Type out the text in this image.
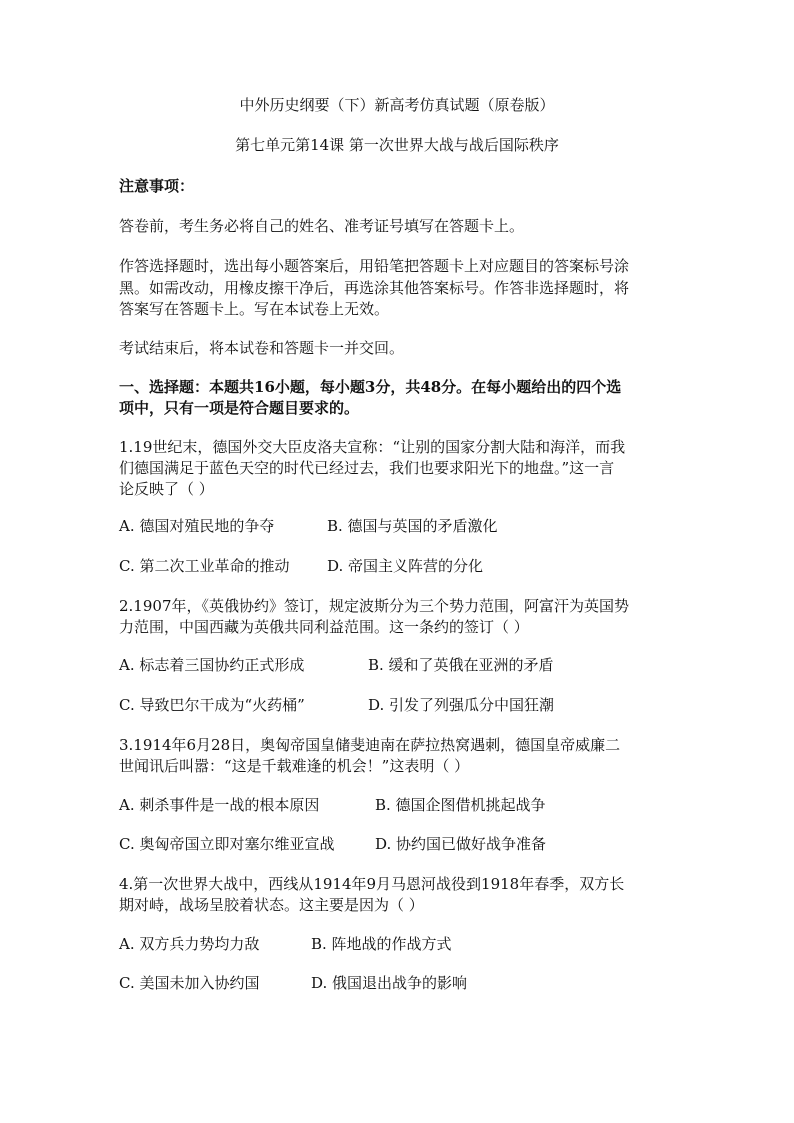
中外历史纲要（下）新高考仿真试题（原卷版）
第七单元第14课 第一次世界大战与战后国际秩序
注意事项：
答卷前，考生务必将自己的姓名、准考证号填写在答题卡上。
作答选择题时，选出每小题答案后，用铅笔把答题卡上对应题目的答案标号涂
黑。如需改动，用橡皮擦干净后，再选涂其他答案标号。作答非选择题时，将
答案写在答题卡上。写在本试卷上无效。
考试结束后，将本试卷和答题卡一并交回。
一、选择题：本题共16小题，每小题3分，共48分。在每小题给出的四个选
项中，只有一项是符合题目要求的。
1.19世纪末，德国外交大臣皮洛夫宣称：“让别的国家分割大陆和海洋，而我
们德国满足于蓝色天空的时代已经过去，我们也要求阳光下的地盘。”这一言
论反映了（ ）
A. 德国对殖民地的争夺	B. 德国与英国的矛盾激化
C. 第二次工业革命的推动	D. 帝国主义阵营的分化
2.1907年，《英俄协约》签订，规定波斯分为三个势力范围，阿富汗为英国势
力范围，中国西藏为英俄共同利益范围。这一条约的签订（ ）
A. 标志着三国协约正式形成	B. 缓和了英俄在亚洲的矛盾
C. 导致巴尔干成为“火药桶”	D. 引发了列强瓜分中国狂潮
3.1914年6月28日，奥匈帝国皇储斐迪南在萨拉热窝遇刺，德国皇帝威廉二
世闻讯后叫嚣：“这是千载难逢的机会！”这表明（ ）
A. 刺杀事件是一战的根本原因	B. 德国企图借机挑起战争
C. 奥匈帝国立即对塞尔维亚宣战	D. 协约国已做好战争准备
4.第一次世界大战中，西线从1914年9月马恩河战役到1918年春季，双方长
期对峙，战场呈胶着状态。这主要是因为（ ）
A. 双方兵力势均力敌	B. 阵地战的作战方式
C. 美国未加入协约国	D. 俄国退出战争的影响
